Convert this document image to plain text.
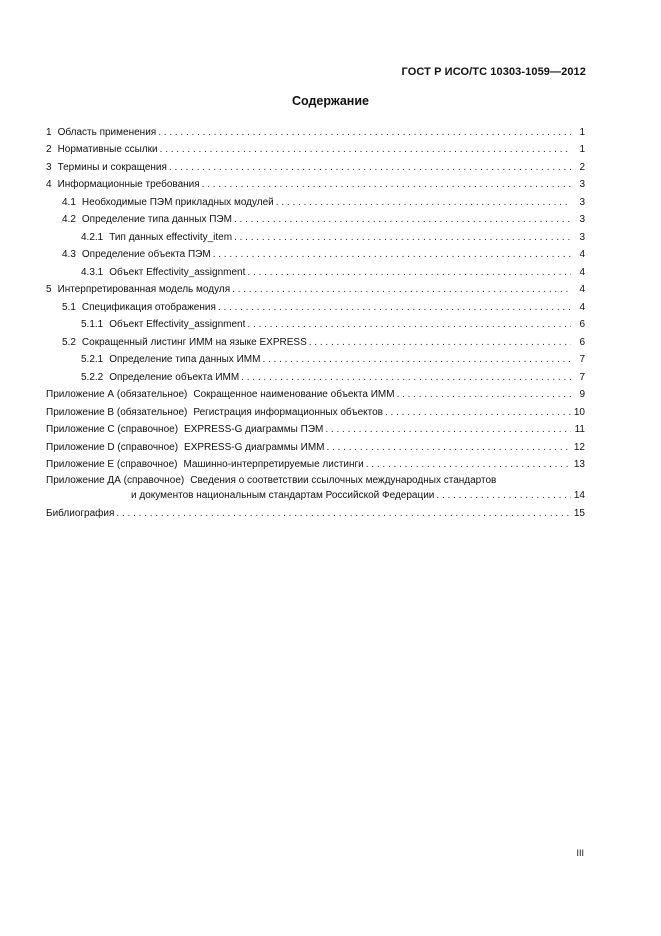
ГОСТ Р ИСО/ТС 10303-1059—2012
Содержание
1 Область применения . . .	1
2 Нормативные ссылки . . .	1
3 Термины и сокращения . . .	2
4 Информационные требования . . .	3
4.1 Необходимые ПЭМ прикладных модулей . . .	3
4.2 Определение типа данных ПЭМ . . .	3
4.2.1 Тип данных effectivity_item . . .	3
4.3 Определение объекта ПЭМ . . .	4
4.3.1 Объект Effectivity_assignment . . .	4
5 Интерпретированная модель модуля . . .	4
5.1 Спецификация отображения . . .	4
5.1.1 Объект Effectivity_assignment . . .	6
5.2 Сокращенный листинг ИММ на языке EXPRESS . . .	6
5.2.1 Определение типа данных ИММ . . .	7
5.2.2 Определение объекта ИММ . . .	7
Приложение А (обязательное) Сокращенное наименование объекта ИММ . . .	9
Приложение В (обязательное) Регистрация информационных объектов . . .	10
Приложение С (справочное) EXPRESS-G диаграммы ПЭМ . . .	11
Приложение D (справочное) EXPRESS-G диаграммы ИММ . . .	12
Приложение Е (справочное) Машинно-интерпретируемые листинги . . .	13
Приложение ДА (справочное) Сведения о соответствии ссылочных международных стандартов
и документов национальным стандартам Российской Федерации . . .	14
Библиография . . .	15
III
